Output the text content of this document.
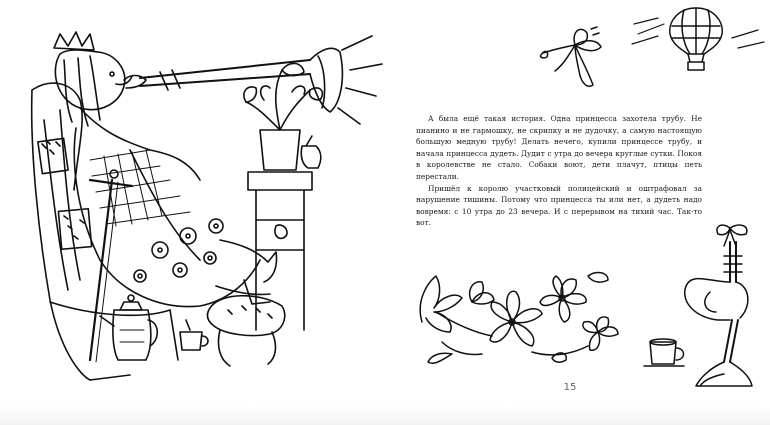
А была ещё такая история. Одна принцесса захотела трубу. Не пианино и не гармошку, не скрипку и не дудочку, а самую настоящую большую медную трубу! Делать нечего, купили принцессе трубу, и начала принцесса дудеть. Дудит с утра до вечера круглые сутки. Покоя в королевстве не стало. Собаки воют, дети плачут, птицы петь перестали.

Пришёл к королю участковый полицейский и оштрафовал за нарушение тишины. Потому что принцесса ты или нет, а дудеть надо вовремя: с 10 утра до 23 вечера. И с перерывом на тихий час. Так-то вот.

15
